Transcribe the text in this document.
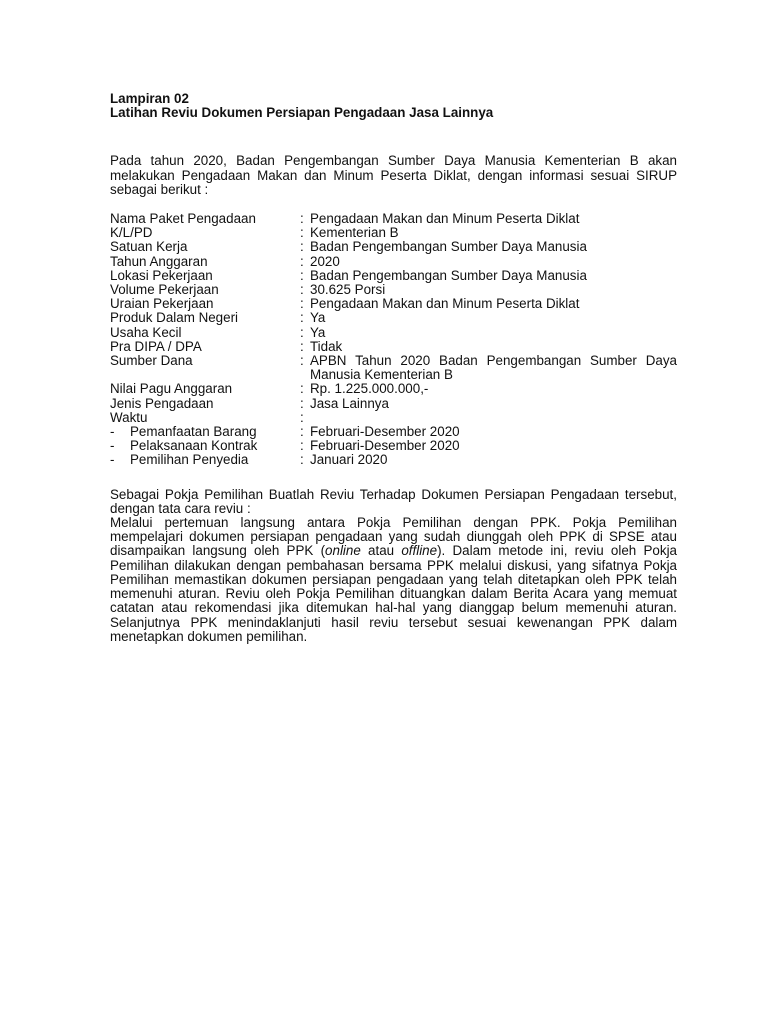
Lampiran 02

Latihan Reviu Dokumen Persiapan Pengadaan Jasa Lainnya

Pada tahun 2020, Badan Pengembangan Sumber Daya Manusia Kementerian B akan melakukan Pengadaan Makan dan Minum Peserta Diklat, dengan informasi sesuai SIRUP sebagai berikut :

Nama Paket Pengadaan	: Pengadaan Makan dan Minum Peserta Diklat
K/L/PD	: Kementerian B
Satuan Kerja	: Badan Pengembangan Sumber Daya Manusia
Tahun Anggaran	: 2020
Lokasi Pekerjaan	: Badan Pengembangan Sumber Daya Manusia
Volume Pekerjaan	: 30.625 Porsi
Uraian Pekerjaan	: Pengadaan Makan dan Minum Peserta Diklat
Produk Dalam Negeri	: Ya
Usaha Kecil	: Ya
Pra DIPA / DPA	: Tidak
Sumber Dana	: APBN Tahun 2020 Badan Pengembangan Sumber Daya Manusia Kementerian B
Nilai Pagu Anggaran	: Rp. 1.225.000.000,-
Jenis Pengadaan	: Jasa Lainnya
Waktu	:
-	Pemanfaatan Barang	: Februari-Desember 2020
-	Pelaksanaan Kontrak	: Februari-Desember 2020
-	Pemilihan Penyedia	: Januari 2020

Sebagai Pokja Pemilihan Buatlah Reviu Terhadap Dokumen Persiapan Pengadaan tersebut, dengan tata cara reviu :

Melalui pertemuan langsung antara Pokja Pemilihan dengan PPK. Pokja Pemilihan mempelajari dokumen persiapan pengadaan yang sudah diunggah oleh PPK di SPSE atau disampaikan langsung oleh PPK (online atau offline). Dalam metode ini, reviu oleh Pokja Pemilihan dilakukan dengan pembahasan bersama PPK melalui diskusi, yang sifatnya Pokja Pemilihan memastikan dokumen persiapan pengadaan yang telah ditetapkan oleh PPK telah memenuhi aturan. Reviu oleh Pokja Pemilihan dituangkan dalam Berita Acara yang memuat catatan atau rekomendasi jika ditemukan hal-hal yang dianggap belum memenuhi aturan. Selanjutnya PPK menindaklanjuti hasil reviu tersebut sesuai kewenangan PPK dalam menetapkan dokumen pemilihan.
